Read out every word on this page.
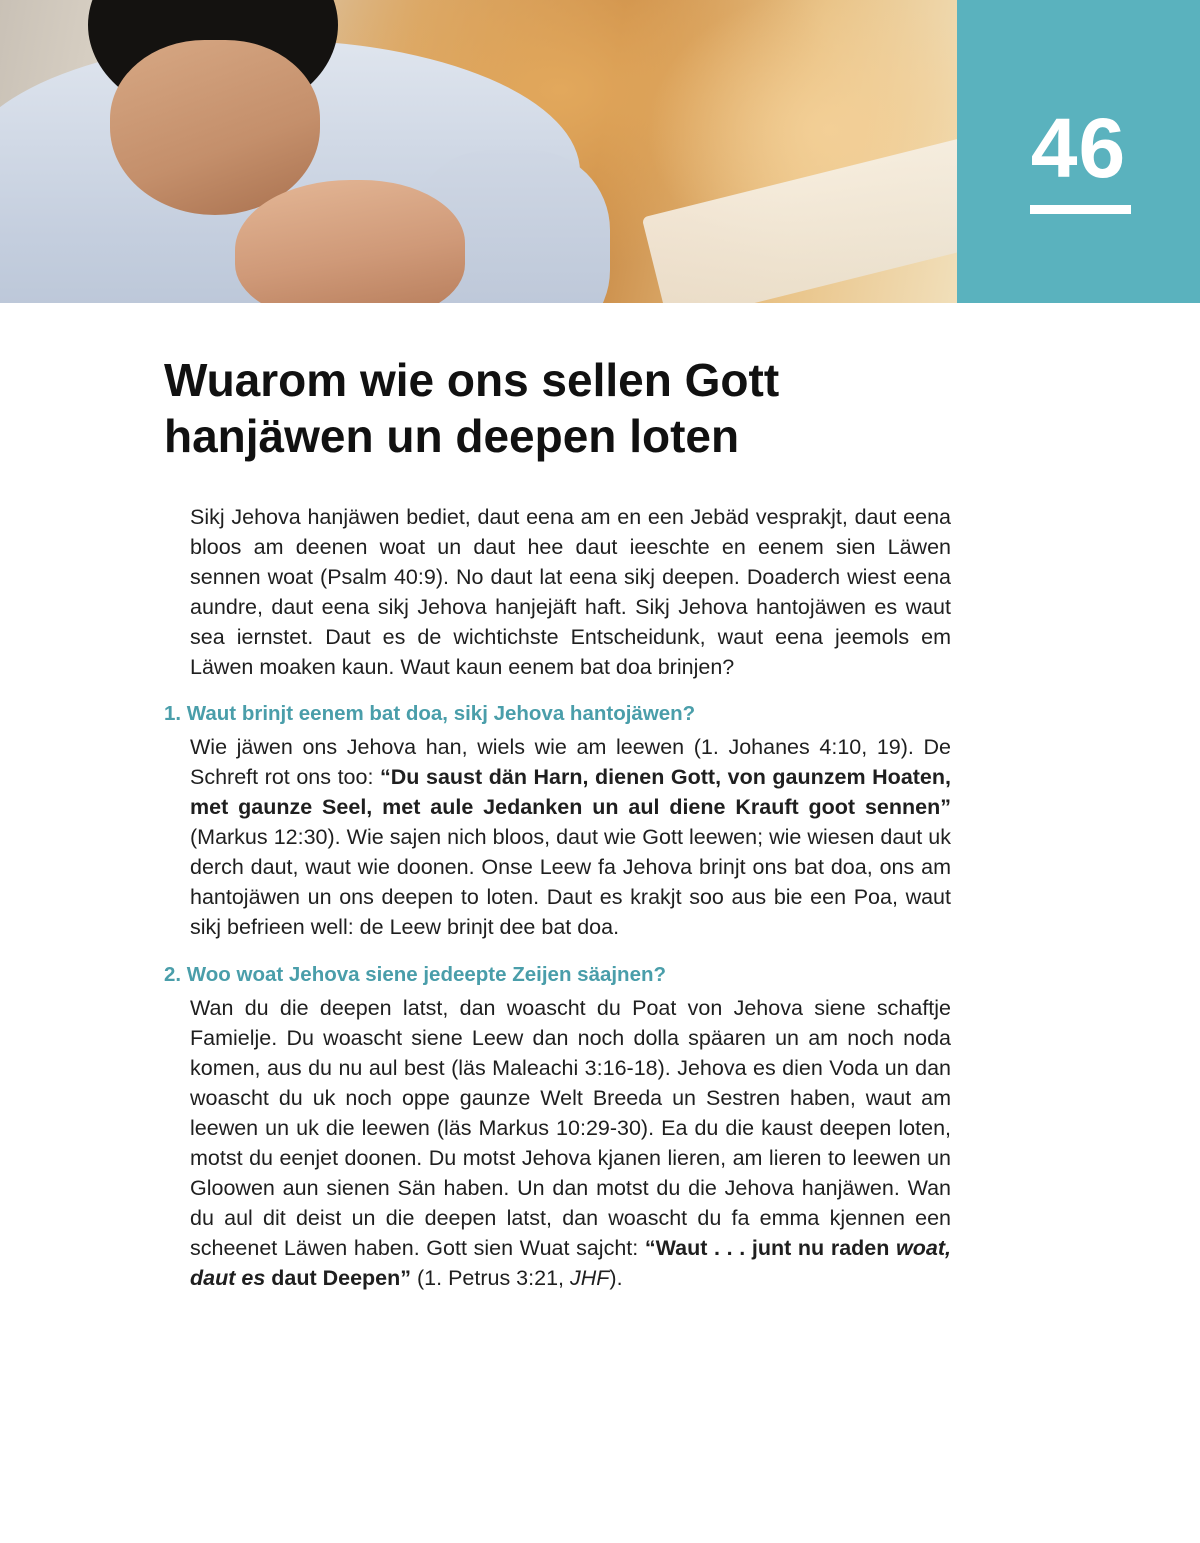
46
Wuarom wie ons sellen Gott
hanjäwen un deepen loten

Sikj Jehova hanjäwen bediet, daut eena am en een Jebäd vesprakjt, daut eena bloos am deenen woat un daut hee daut ieeschte en eenem sien Läwen sennen woat (Psalm 40:9). No daut lat eena sikj deepen. Doaderch wiest eena aundre, daut eena sikj Jehova hanjejäft haft. Sikj Jehova hantojäwen es waut sea iernstet. Daut es de wichtichste Entscheidunk, waut eena jeemols em Läwen moaken kaun. Waut kaun eenem bat doa brinjen?

1. Waut brinjt eenem bat doa, sikj Jehova hantojäwen?

Wie jäwen ons Jehova han, wiels wie am leewen (1. Johanes 4:10, 19). De Schreft rot ons too: “Du saust dän Harn, dienen Gott, von gaunzem Hoaten, met gaunze Seel, met aule Jedanken un aul diene Krauft goot sennen” (Markus 12:30). Wie sajen nich bloos, daut wie Gott leewen; wie wiesen daut uk derch daut, waut wie doonen. Onse Leew fa Jehova brinjt ons bat doa, ons am hantojäwen un ons deepen to loten. Daut es krakjt soo aus bie een Poa, waut sikj befrieen well: de Leew brinjt dee bat doa.

2. Woo woat Jehova siene jedeepte Zeijen säajnen?

Wan du die deepen latst, dan woascht du Poat von Jehova siene schaftje Famielje. Du woascht siene Leew dan noch dolla späaren un am noch noda komen, aus du nu aul best (läs Maleachi 3:16-18). Jehova es dien Voda un dan woascht du uk noch oppe gaunze Welt Breeda un Sestren haben, waut am leewen un uk die leewen (läs Markus 10:29-30). Ea du die kaust deepen loten, motst du eenjet doonen. Du motst Jehova kjanen lieren, am lieren to leewen un Gloowen aun sienen Sän haben. Un dan motst du die Jehova hanjäwen. Wan du aul dit deist un die deepen latst, dan woascht du fa emma kjennen een scheenet Läwen haben. Gott sien Wuat sajcht: “Waut . . . junt nu raden woat, daut es daut Deepen” (1. Petrus 3:21, JHF).
